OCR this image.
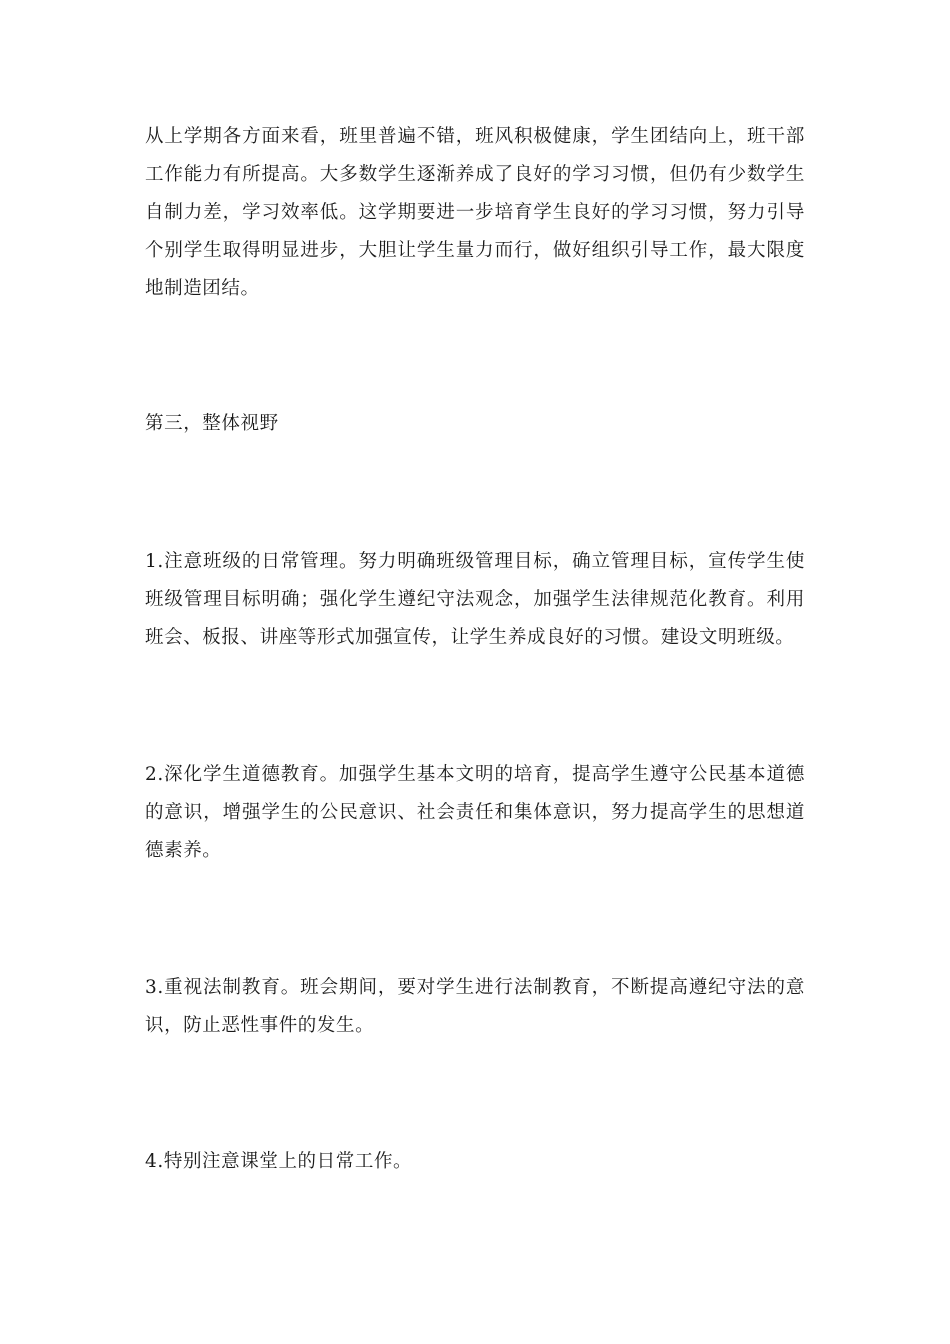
从上学期各方面来看，班里普遍不错，班风积极健康，学生团结向上，班干部工作能力有所提高。大多数学生逐渐养成了良好的学习习惯，但仍有少数学生自制力差，学习效率低。这学期要进一步培育学生良好的学习习惯，努力引导个别学生取得明显进步，大胆让学生量力而行，做好组织引导工作，最大限度地制造团结。

第三，整体视野

1.注意班级的日常管理。努力明确班级管理目标，确立管理目标，宣传学生使班级管理目标明确；强化学生遵纪守法观念，加强学生法律规范化教育。利用班会、板报、讲座等形式加强宣传，让学生养成良好的习惯。建设文明班级。

2.深化学生道德教育。加强学生基本文明的培育，提高学生遵守公民基本道德的意识，增强学生的公民意识、社会责任和集体意识，努力提高学生的思想道德素养。

3.重视法制教育。班会期间，要对学生进行法制教育，不断提高遵纪守法的意识，防止恶性事件的发生。

4.特别注意课堂上的日常工作。
